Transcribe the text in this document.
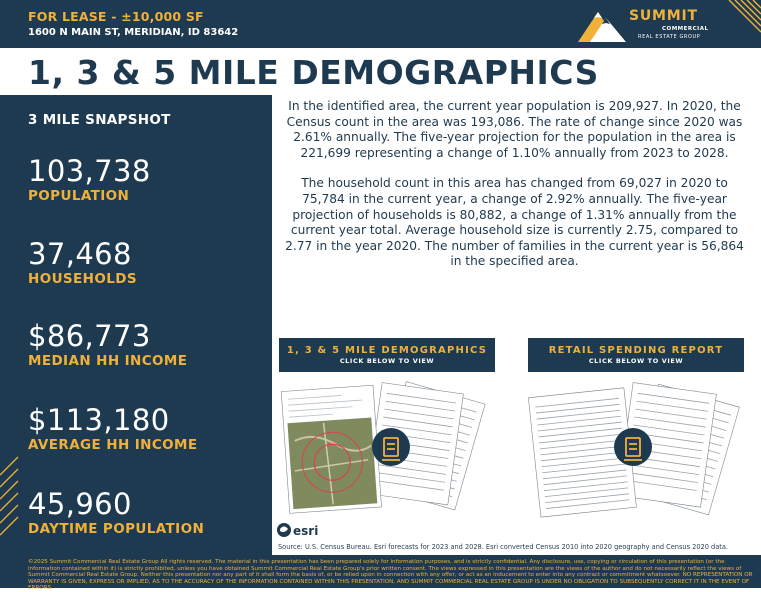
FOR LEASE - ±10,000 SF
1600 N MAIN ST, MERIDIAN, ID 83642
SUMMIT
COMMERCIAL
REAL ESTATE GROUP
1, 3 & 5 MILE DEMOGRAPHICS
3 MILE SNAPSHOT
103,738
POPULATION
37,468
HOUSEHOLDS
$86,773
MEDIAN HH INCOME
$113,180
AVERAGE HH INCOME
45,960
DAYTIME POPULATION

In the identified area, the current year population is 209,927. In 2020, the Census count in the area was 193,086. The rate of change since 2020 was 2.61% annually. The five-year projection for the population in the area is 221,699 representing a change of 1.10% annually from 2023 to 2028.

The household count in this area has changed from 69,027 in 2020 to 75,784 in the current year, a change of 2.92% annually. The five-year projection of households is 80,882, a change of 1.31% annually from the current year total. Average household size is currently 2.75, compared to 2.77 in the year 2020. The number of families in the current year is 56,864 in the specified area.

1, 3 & 5 MILE DEMOGRAPHICS
CLICK BELOW TO VIEW
RETAIL SPENDING REPORT
CLICK BELOW TO VIEW
esri
Source: U.S. Census Bureau. Esri forecasts for 2023 and 2028. Esri converted Census 2010 into 2020 geography and Census 2020 data.
©2025 Summit Commercial Real Estate Group All rights reserved. The material in this presentation has been prepared solely for information purposes, and is strictly confidential. Any disclosure, use, copying or circulation of this presentation (or the information contained within it) is strictly prohibited, unless you have obtained Summit Commercial Real Estate Group's prior written consent. The views expressed in this presentation are the views of the author and do not necessarily reflect the views of Summit Commercial Real Estate Group. Neither this presentation nor any part of it shall form the basis of, or be relied upon in connection with any offer, or act as an inducement to enter into any contract or commitment whatsoever. NO REPRESENTATION OR WARRANTY IS GIVEN, EXPRESS OR IMPLIED, AS TO THE ACCURACY OF THE INFORMATION CONTAINED WITHIN THIS PRESENTATION, AND SUMMIT COMMERCIAL REAL ESTATE GROUP IS UNDER NO OBLIGATION TO SUBSEQUENTLY CORRECT IT IN THE EVENT OF ERRORS.
